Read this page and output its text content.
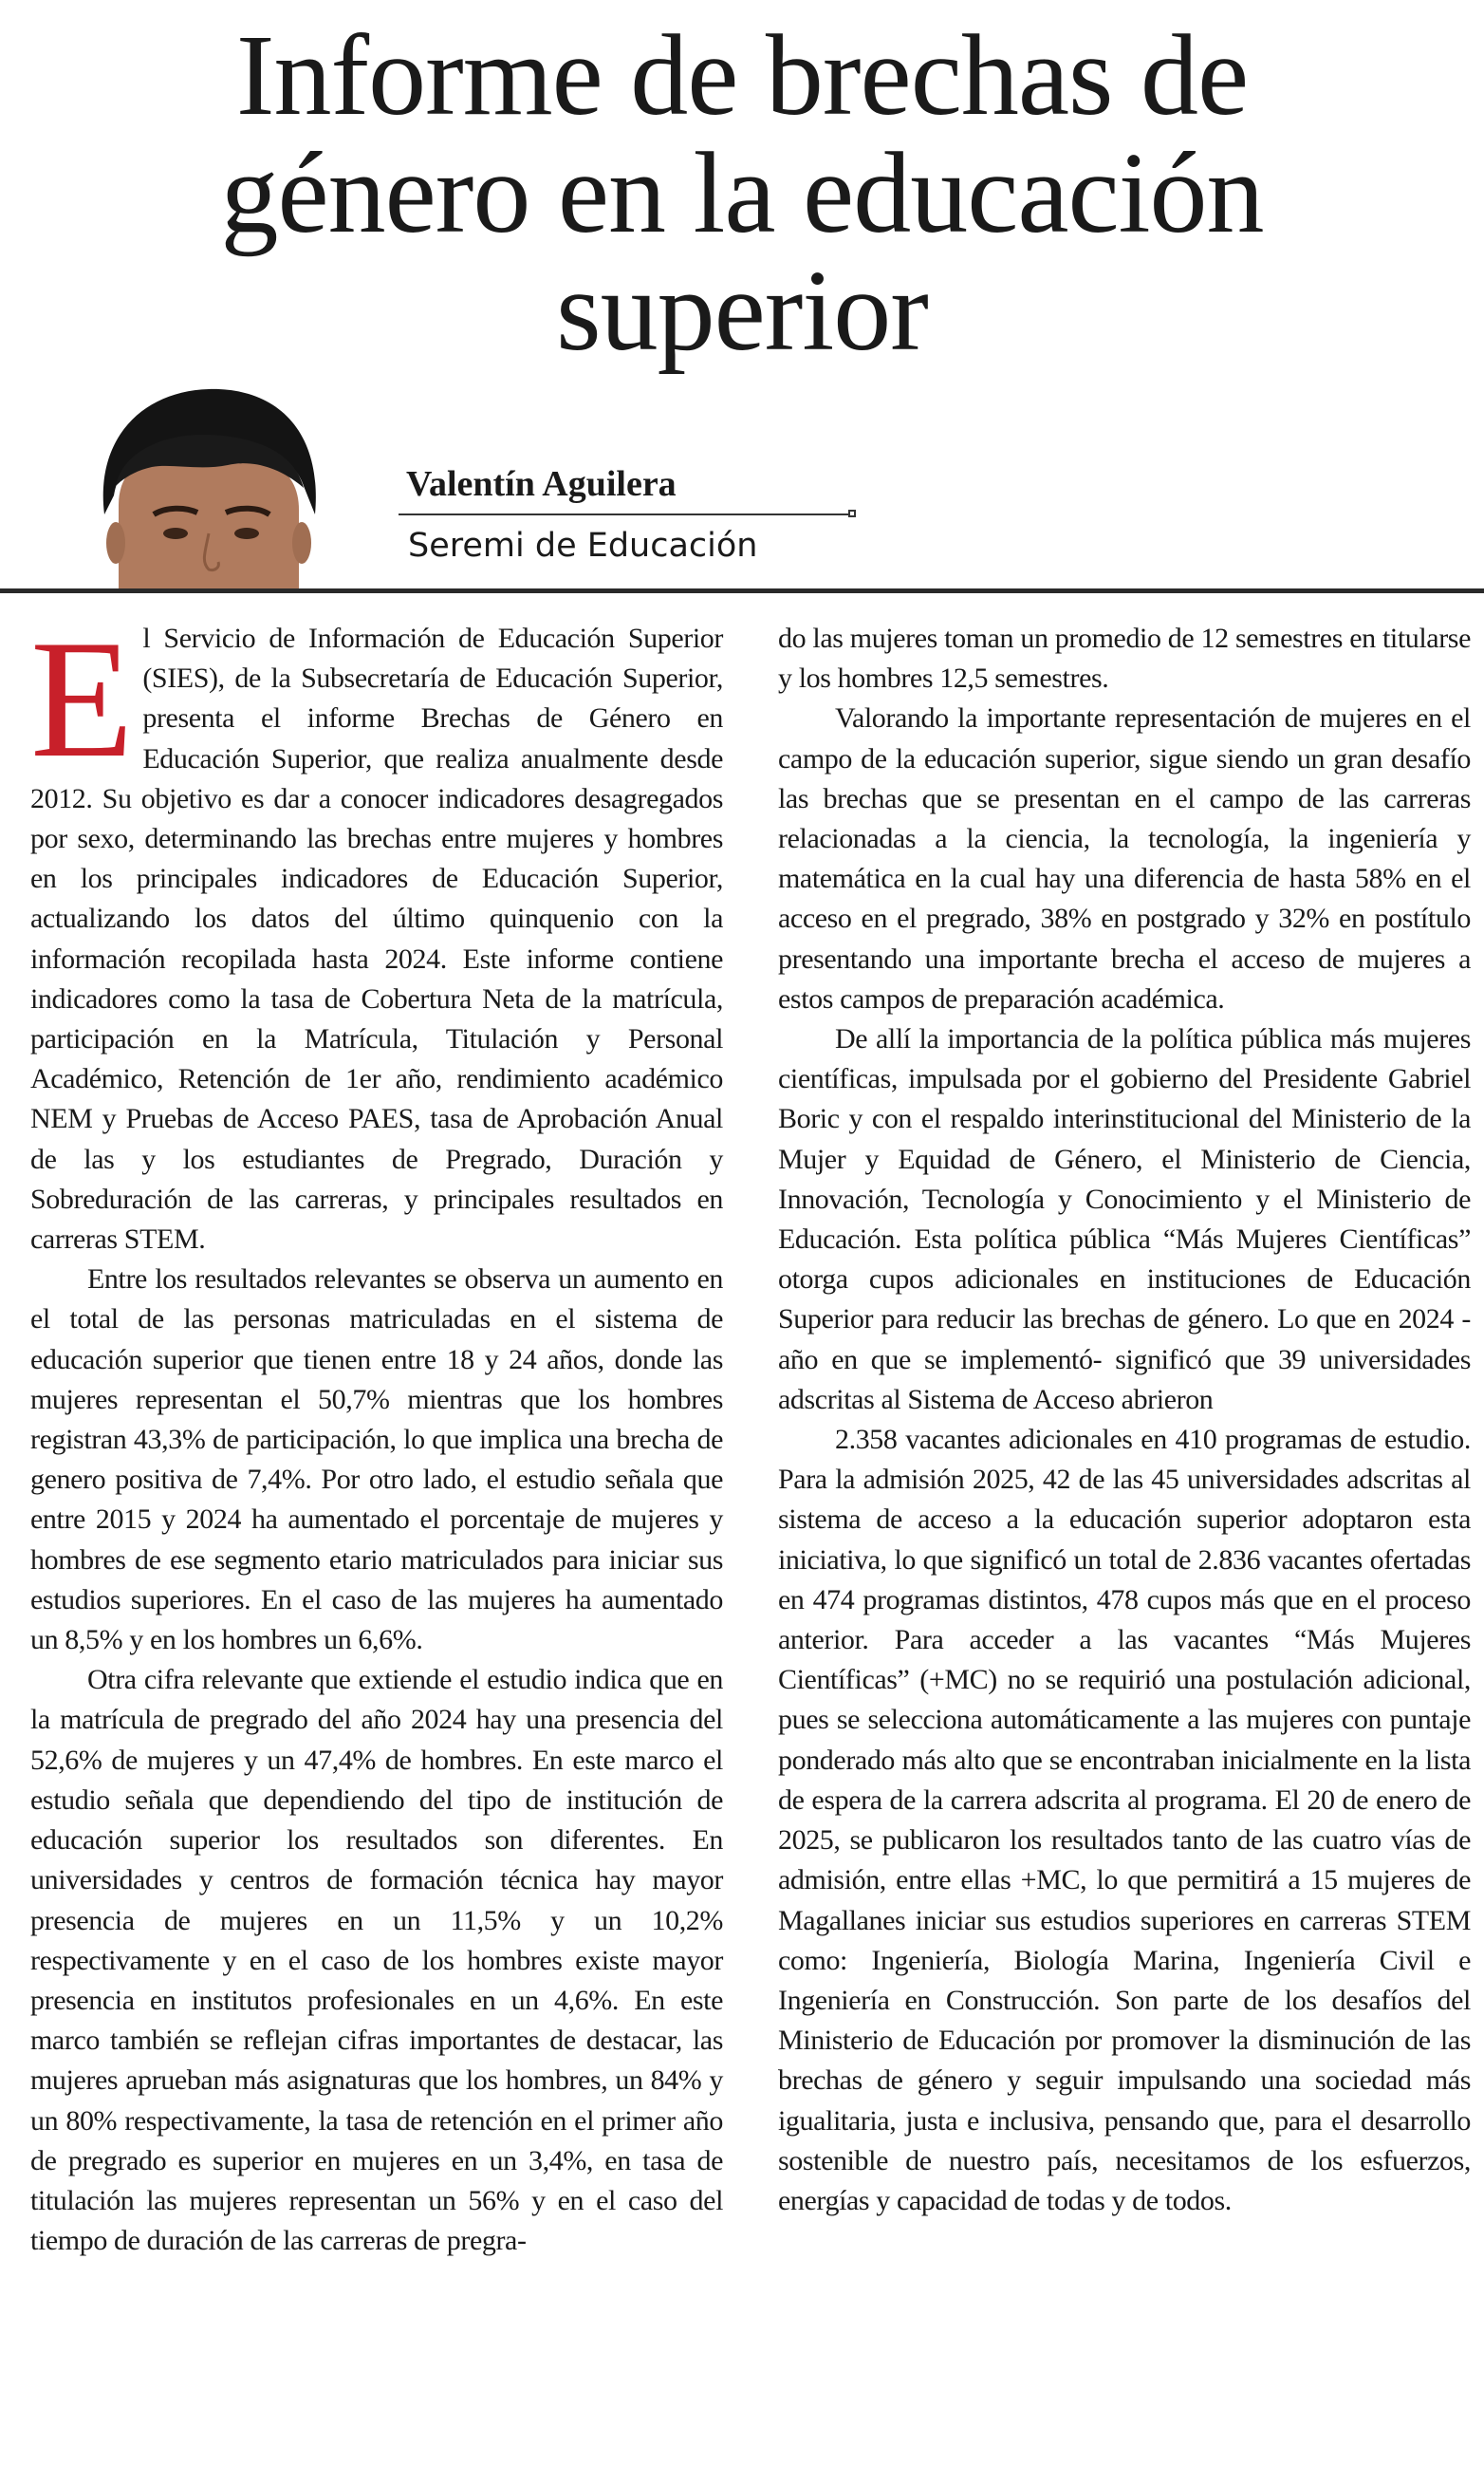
Informe de brechas de
género en la educación
superior
Valentín Aguilera
Seremi de Educación

El Servicio de Información de Educación Superior (SIES), de la Subsecretaría de Educación Superior, presenta el informe Brechas de Género en Educación Superior, que realiza anualmente desde 2012. Su objetivo es dar a conocer indicadores desagregados por sexo, determinando las brechas entre mujeres y hombres en los principales indicadores de Educación Superior, actualizando los datos del último quinquenio con la información recopilada hasta 2024. Este informe contiene indicadores como la tasa de Cobertura Neta de la matrícula, participación en la Matrícula, Titulación y Personal Académico, Retención de 1er año, rendimiento académico NEM y Pruebas de Acceso PAES, tasa de Aprobación Anual de las y los estudiantes de Pregrado, Duración y Sobreduración de las carreras, y principales resultados en carreras STEM.

Entre los resultados relevantes se observa un aumento en el total de las personas matriculadas en el sistema de educación superior que tienen entre 18 y 24 años, donde las mujeres representan el 50,7% mientras que los hombres registran 43,3% de participación, lo que implica una brecha de genero positiva de 7,4%. Por otro lado, el estudio señala que entre 2015 y 2024 ha aumentado el porcentaje de mujeres y hombres de ese segmento etario matriculados para iniciar sus estudios superiores. En el caso de las mujeres ha aumentado un 8,5% y en los hombres un 6,6%.

Otra cifra relevante que extiende el estudio indica que en la matrícula de pregrado del año 2024 hay una presencia del 52,6% de mujeres y un 47,4% de hombres. En este marco el estudio señala que dependiendo del tipo de institución de educación superior los resultados son diferentes. En universidades y centros de formación técnica hay mayor presencia de mujeres en un 11,5% y un 10,2% respectivamente y en el caso de los hombres existe mayor presencia en institutos profesionales en un 4,6%. En este marco también se reflejan cifras importantes de destacar, las mujeres aprueban más asignaturas que los hombres, un 84% y un 80% respectivamente, la tasa de retención en el primer año de pregrado es superior en mujeres en un 3,4%, en tasa de titulación las mujeres representan un 56% y en el caso del tiempo de duración de las carreras de pregra-

do las mujeres toman un promedio de 12 semestres en titularse y los hombres 12,5 semestres.

Valorando la importante representación de mujeres en el campo de la educación superior, sigue siendo un gran desafío las brechas que se presentan en el campo de las carreras relacionadas a la ciencia, la tecnología, la ingeniería y matemática en la cual hay una diferencia de hasta 58% en el acceso en el pregrado, 38% en postgrado y 32% en postítulo presentando una importante brecha el acceso de mujeres a estos campos de preparación académica.

De allí la importancia de la política pública más mujeres científicas, impulsada por el gobierno del Presidente Gabriel Boric y con el respaldo interinstitucional del Ministerio de la Mujer y Equidad de Género, el Ministerio de Ciencia, Innovación, Tecnología y Conocimiento y el Ministerio de Educación. Esta política pública “Más Mujeres Científicas” otorga cupos adicionales en instituciones de Educación Superior para reducir las brechas de género. Lo que en 2024 -año en que se implementó- significó que 39 universidades adscritas al Sistema de Acceso abrieron

2.358 vacantes adicionales en 410 programas de estudio. Para la admisión 2025, 42 de las 45 universidades adscritas al sistema de acceso a la educación superior adoptaron esta iniciativa, lo que significó un total de 2.836 vacantes ofertadas en 474 programas distintos, 478 cupos más que en el proceso anterior. Para acceder a las vacantes “Más Mujeres Científicas” (+MC) no se requirió una postulación adicional, pues se selecciona automáticamente a las mujeres con puntaje ponderado más alto que se encontraban inicialmente en la lista de espera de la carrera adscrita al programa. El 20 de enero de 2025, se publicaron los resultados tanto de las cuatro vías de admisión, entre ellas +MC, lo que permitirá a 15 mujeres de Magallanes iniciar sus estudios superiores en carreras STEM como: Ingeniería, Biología Marina, Ingeniería Civil e Ingeniería en Construcción. Son parte de los desafíos del Ministerio de Educación por promover la disminución de las brechas de género y seguir impulsando una sociedad más igualitaria, justa e inclusiva, pensando que, para el desarrollo sostenible de nuestro país, necesitamos de los esfuerzos, energías y capacidad de todas y de todos.
